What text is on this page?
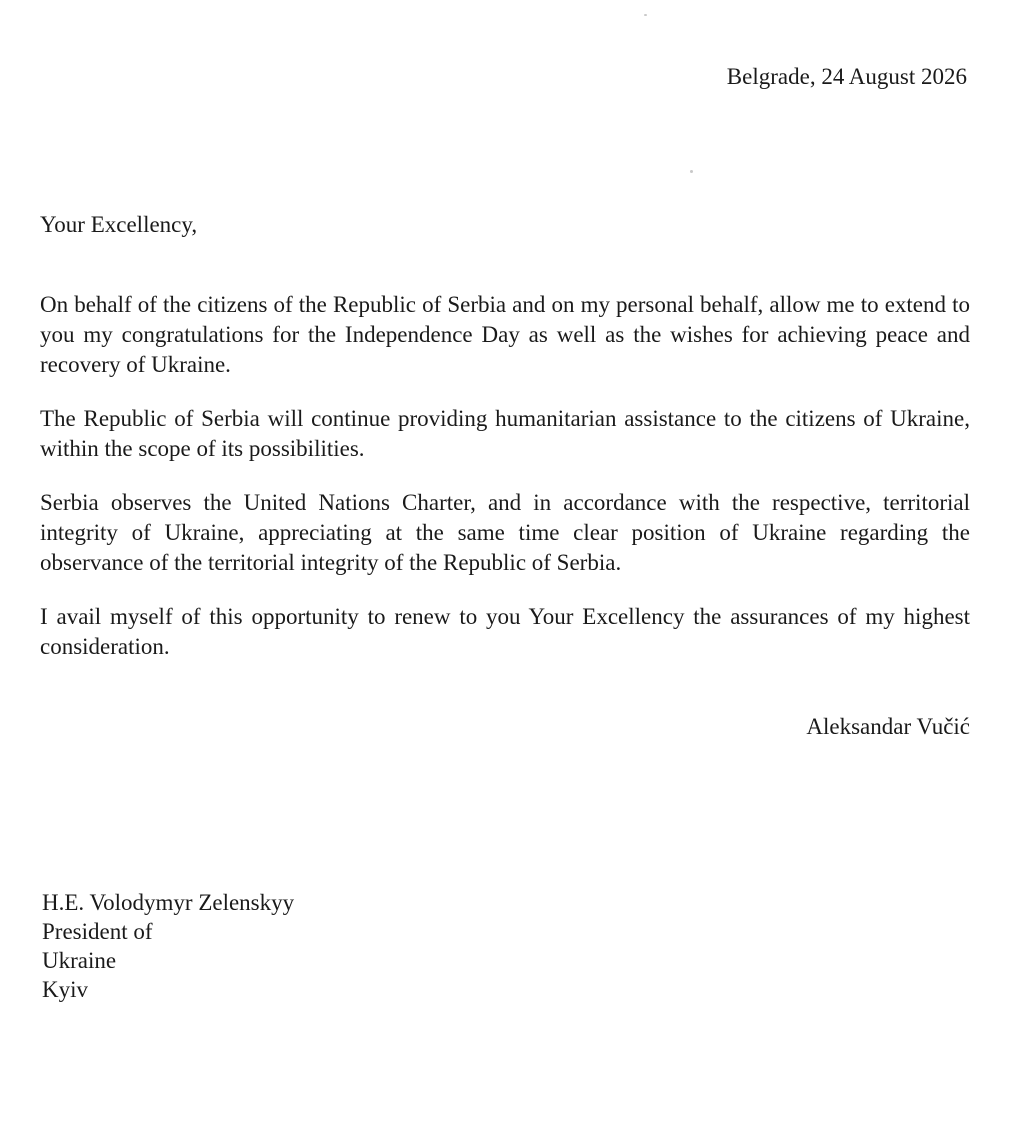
Belgrade, 24 August 2026
Your Excellency,

On behalf of the citizens of the Republic of Serbia and on my personal behalf, allow me to extend to you my congratulations for the Independence Day as well as the wishes for achieving peace and recovery of Ukraine.

The Republic of Serbia will continue providing humanitarian assistance to the citizens of Ukraine, within the scope of its possibilities.

Serbia observes the United Nations Charter, and in accordance with the respective, territorial integrity of Ukraine, appreciating at the same time clear position of Ukraine regarding the observance of the territorial integrity of the Republic of Serbia.

I avail myself of this opportunity to renew to you Your Excellency the assurances of my highest consideration.

Aleksandar Vučić
H.E. Volodymyr Zelenskyy
President of
Ukraine
Kyiv
